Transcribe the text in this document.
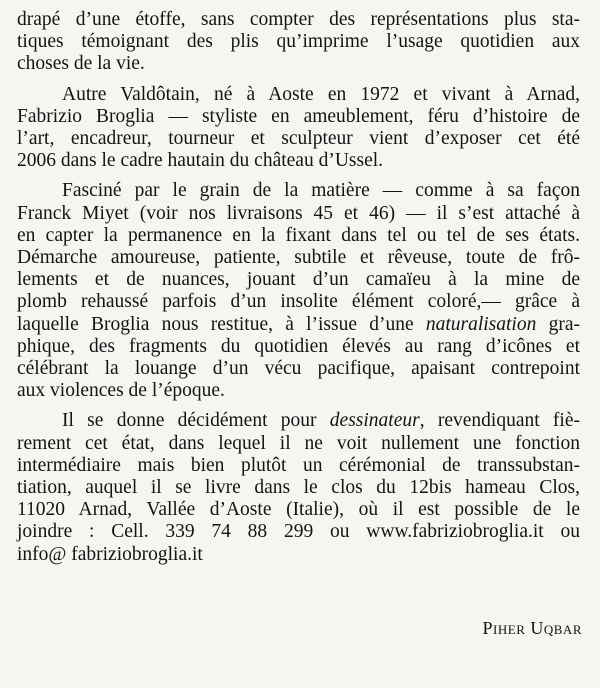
drapé d’une étoffe, sans compter des représentations plus sta-
tiques témoignant des plis qu’imprime l’usage quotidien aux
choses de la vie.
Autre Valdôtain, né à Aoste en 1972 et vivant à Arnad,
Fabrizio Broglia — styliste en ameublement, féru d’histoire de
l’art, encadreur, tourneur et sculpteur vient d’exposer cet été
2006 dans le cadre hautain du château d’Ussel.
Fasciné par le grain de la matière — comme à sa façon
Franck Miyet (voir nos livraisons 45 et 46) — il s’est attaché à
en capter la permanence en la fixant dans tel ou tel de ses états.
Démarche amoureuse, patiente, subtile et rêveuse, toute de frô-
lements et de nuances, jouant d’un camaïeu à la mine de
plomb rehaussé parfois d’un insolite élément coloré,— grâce à
laquelle Broglia nous restitue, à l’issue d’une naturalisation gra-
phique, des fragments du quotidien élevés au rang d’icônes et
célébrant la louange d’un vécu pacifique, apaisant contrepoint
aux violences de l’époque.
Il se donne décidément pour dessinateur, revendiquant fiè-
rement cet état, dans lequel il ne voit nullement une fonction
intermédiaire mais bien plutôt un cérémonial de transsubstan-
tiation, auquel il se livre dans le clos du 12bis hameau Clos,
11020 Arnad, Vallée d’Aoste (Italie), où il est possible de le
joindre : Cell. 339 74 88 299 ou www.fabriziobroglia.it ou
info@ fabriziobroglia.it
Piher Uqbar
